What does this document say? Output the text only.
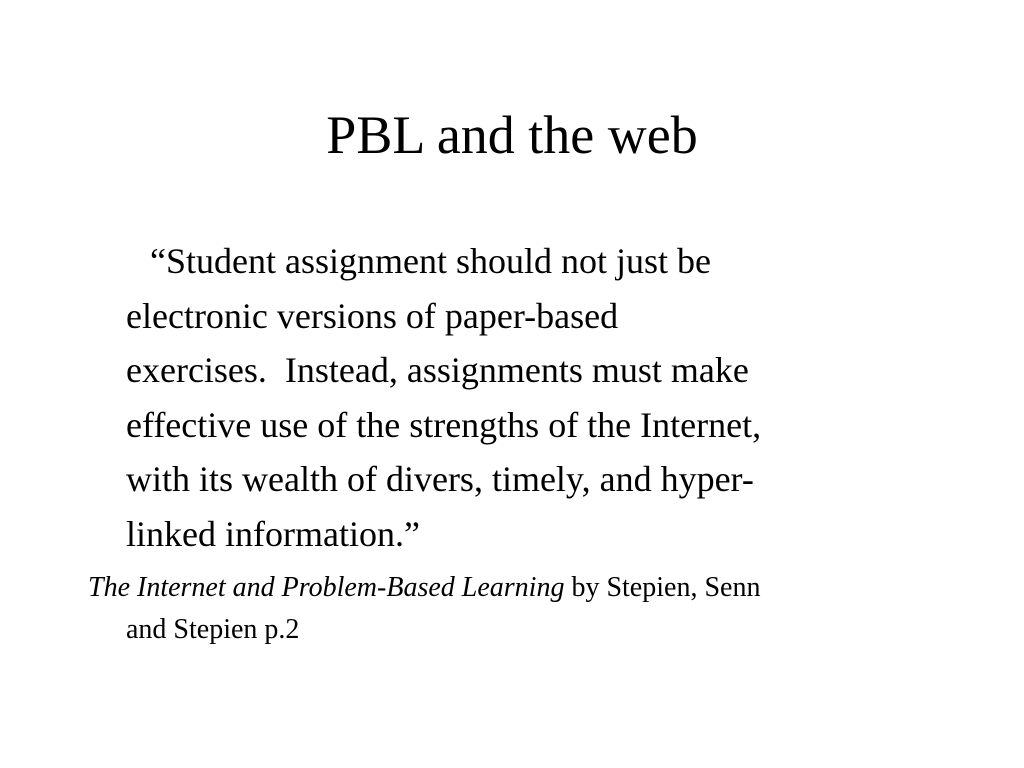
PBL and the web
“Student assignment should not just be
electronic versions of paper-based
exercises.  Instead, assignments must make
effective use of the strengths of the Internet,
with its wealth of divers, timely, and hyper-
linked information.”
The Internet and Problem-Based Learning by Stepien, Senn
and Stepien p.2
